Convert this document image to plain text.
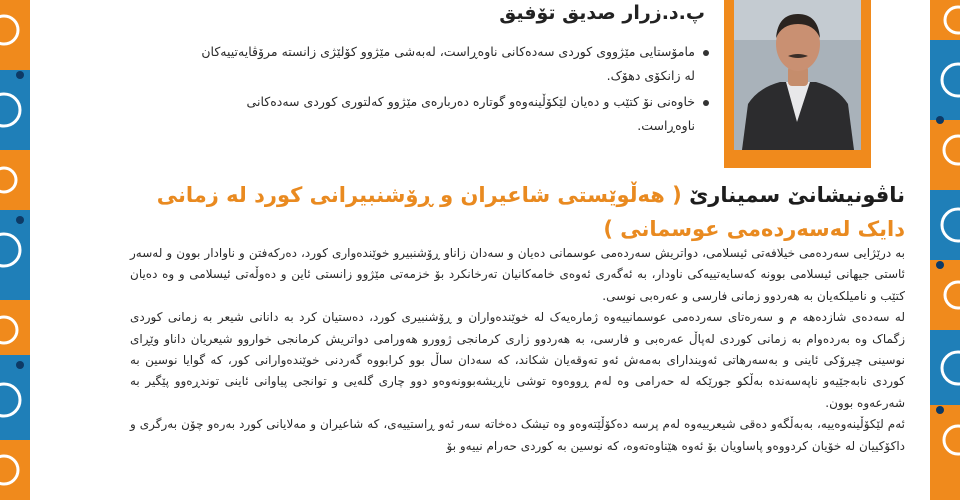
پ.د.زرار صدیق تۆفیق
مامۆستایی مێژووی کوردی سەدەکانی ناوەڕاست، لەبەشی مێژوو کۆلێژی زانستە مرۆڤایەتییەکان لە زانکۆی دهۆک.
خاوەنی نۆ کتێب و دەیان لێکۆڵینەوەو گوتارە دەربارەی مێژوو کەلتوری کوردی سەدەکانی ناوەڕاست.
ناڤونیشانێ سمینارێ ( هەڵوێستی شاعیران و ڕۆشنبیرانی کورد لە زمانی دایک لەسەردەمی عوسمانی )

بە درێژایی سەردەمی خیلافەتی ئیسلامی، دواتریش سەردەمی عوسمانی دەیان و سەدان زاناو ڕۆشنبیرو خوێندەواری کورد، دەرکەفتن و ناوادار بوون و لەسەر ئاستی جیهانی ئیسلامی بوونە کەسایەتییەکی ناودار، بە ئەگەری ئەوەی خامەکانیان تەرخانکرد بۆ خزمەتی مێژوو زانستی ئاین و دەوڵەتی ئیسلامی و وە دەیان کتێب و نامیلکەیان بە هەردوو زمانی فارسی و عەرەبی نوسی.

لە سەدەی شازدەهە م و سەرەتای سەردەمی عوسمانییەوە ژمارەیەک لە خوێندەواران و ڕۆشنبیری کورد، دەستیان کرد بە دانانی شیعر بە زمانی کوردی زگماک وە بەردەوام بە زمانی کوردی لەپاڵ عەرەبی و فارسی، بە هەردوو زاری کرمانجی ژوورو هەورامی دواتریش کرمانجی خواروو شیعریان داناو وێڕای نوسینی چیرۆکی ئاینی و بەسەرهاتی ئەویندارای بەمەش ئەو تەوقەیان شکاند، کە سەدان ساڵ بوو کرابووە گەردنی خوێندەوارانی کور، کە گوایا نوسین بە کوردی نابەجێیەو ناپەسەندە بەڵکو جورێکە لە حەرامی وە لەم ڕووەوە توشی ناڕیشەبوونەوەو دوو چاری گلەیی و توانجی پیاوانی ئاینی توندڕەوو پێگیر بە شەرعەوە بوون.

ئەم لێکۆڵینەوەییە، بەبەڵگەو دەقی شیعرییەوە لەم پرسە دەکۆڵێتەوەو وە تیشک دەخاتە سەر ئەو ڕاستییەی، کە شاعیران و مەلایانی کورد بەرەو چۆن بەرگری و داکۆکییان لە خۆیان کردووەو پاساویان بۆ ئەوە هێناوەتەوە، کە نوسین بە کوردی حەرام نییەو بۆ
